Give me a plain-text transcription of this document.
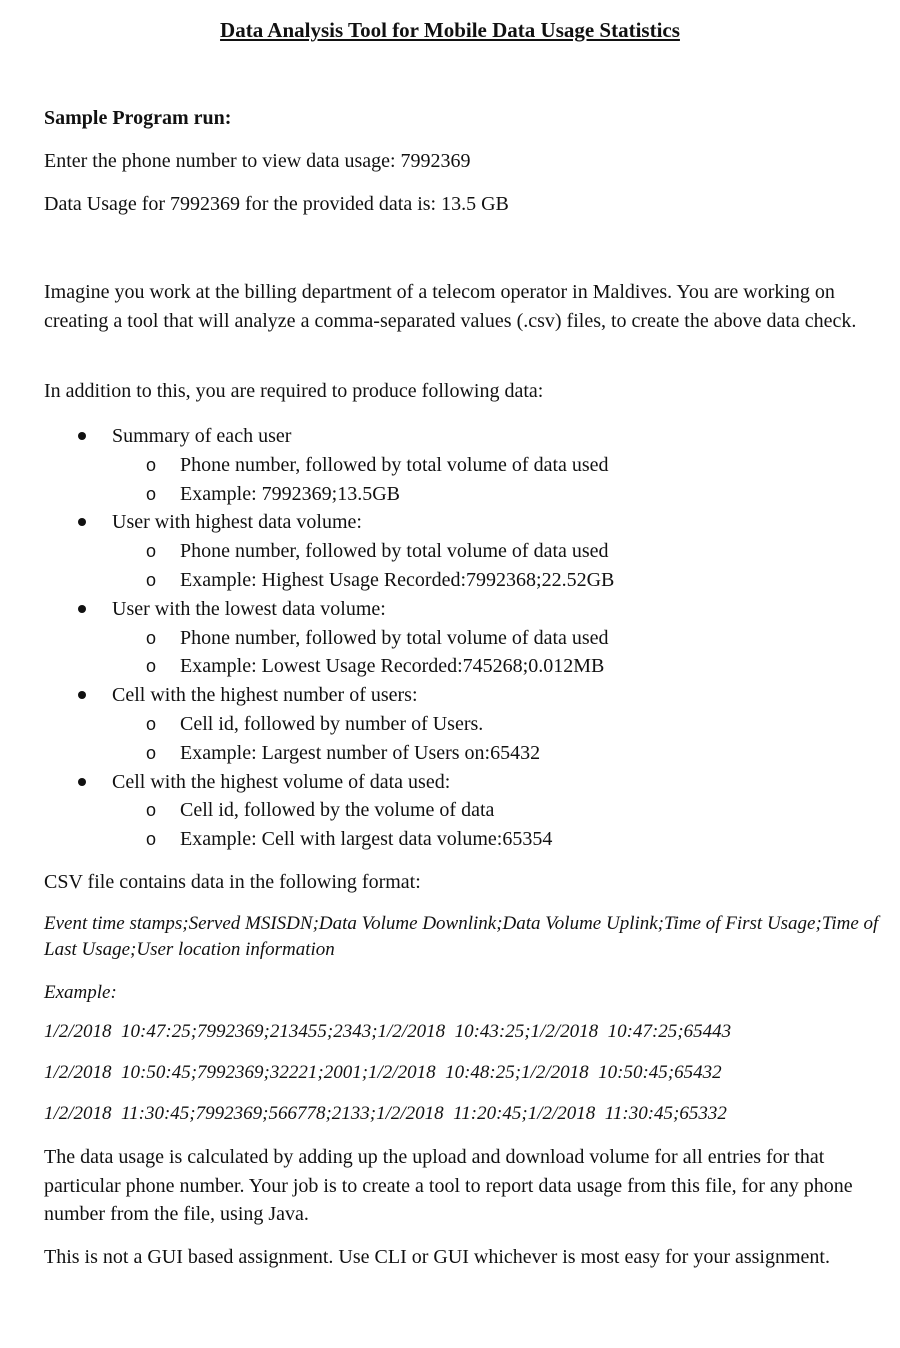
Data Analysis Tool for Mobile Data Usage Statistics

Sample Program run:

Enter the phone number to view data usage: 7992369

Data Usage for 7992369 for the provided data is: 13.5 GB

Imagine you work at the billing department of a telecom operator in Maldives. You are working on creating a tool that will analyze a comma-separated values (.csv) files, to create the above data check.

In addition to this, you are required to produce following data:

Summary of each user
o Phone number, followed by total volume of data used
o Example: 7992369;13.5GB
User with highest data volume:
o Phone number, followed by total volume of data used
o Example: Highest Usage Recorded:7992368;22.52GB
User with the lowest data volume:
o Phone number, followed by total volume of data used
o Example: Lowest Usage Recorded:745268;0.012MB
Cell with the highest number of users:
o Cell id, followed by number of Users.
o Example: Largest number of Users on:65432
Cell with the highest volume of data used:
o Cell id, followed by the volume of data
o Example: Cell with largest data volume:65354

CSV file contains data in the following format:

Event time stamps;Served MSISDN;Data Volume Downlink;Data Volume Uplink;Time of First Usage;Time of Last Usage;User location information

Example:

1/2/2018  10:47:25;7992369;213455;2343;1/2/2018  10:43:25;1/2/2018  10:47:25;65443

1/2/2018  10:50:45;7992369;32221;2001;1/2/2018  10:48:25;1/2/2018  10:50:45;65432

1/2/2018  11:30:45;7992369;566778;2133;1/2/2018  11:20:45;1/2/2018  11:30:45;65332

The data usage is calculated by adding up the upload and download volume for all entries for that particular phone number. Your job is to create a tool to report data usage from this file, for any phone number from the file, using Java.

This is not a GUI based assignment. Use CLI or GUI whichever is most easy for your assignment.
